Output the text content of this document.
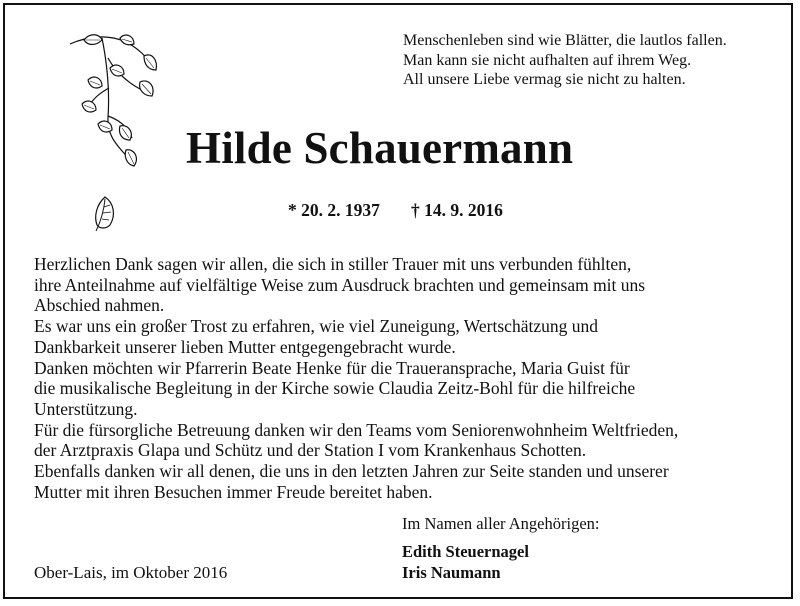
Menschenleben sind wie Blätter, die lautlos fallen.
Man kann sie nicht aufhalten auf ihrem Weg.
All unsere Liebe vermag sie nicht zu halten.
Hilde Schauermann
* 20. 2. 1937 † 14. 9. 2016
Herzlichen Dank sagen wir allen, die sich in stiller Trauer mit uns verbunden fühlten,
ihre Anteilnahme auf vielfältige Weise zum Ausdruck brachten und gemeinsam mit uns
Abschied nahmen.
Es war uns ein großer Trost zu erfahren, wie viel Zuneigung, Wertschätzung und
Dankbarkeit unserer lieben Mutter entgegengebracht wurde.
Danken möchten wir Pfarrerin Beate Henke für die Traueransprache, Maria Guist für
die musikalische Begleitung in der Kirche sowie Claudia Zeitz-Bohl für die hilfreiche
Unterstützung.
Für die fürsorgliche Betreuung danken wir den Teams vom Seniorenwohnheim Weltfrieden,
der Arztpraxis Glapa und Schütz und der Station I vom Krankenhaus Schotten.
Ebenfalls danken wir all denen, die uns in den letzten Jahren zur Seite standen und unserer
Mutter mit ihren Besuchen immer Freude bereitet haben.
Im Namen aller Angehörigen:
Edith Steuernagel
Iris Naumann
Ober-Lais, im Oktober 2016
